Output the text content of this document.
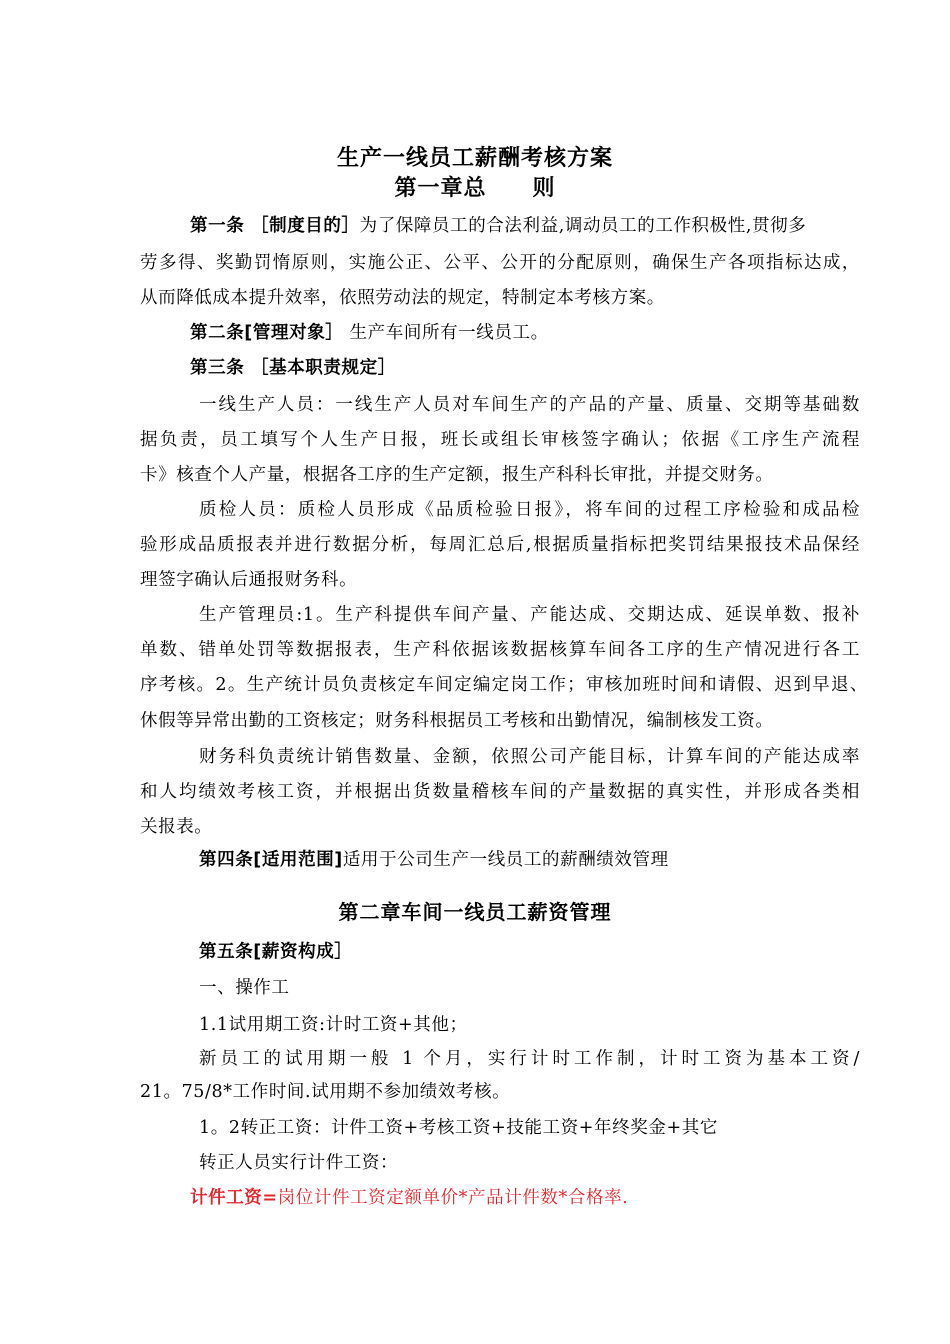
生产一线员工薪酬考核方案
第一章总　　则
第一条 ［制度目的］为了保障员工的合法利益,调动员工的工作积极性,贯彻多
劳多得、奖勤罚惰原则，实施公正、公平、公开的分配原则，确保生产各项指标达成，
从而降低成本提升效率，依照劳动法的规定，特制定本考核方案。
第二条[管理对象］ 生产车间所有一线员工。
第三条 ［基本职责规定］
一线生产人员：一线生产人员对车间生产的产品的产量、质量、交期等基础数
据负责，员工填写个人生产日报，班长或组长审核签字确认；依据《工序生产流程
卡》核查个人产量，根据各工序的生产定额，报生产科科长审批，并提交财务。
质检人员：质检人员形成《品质检验日报》，将车间的过程工序检验和成品检
验形成品质报表并进行数据分析，每周汇总后,根据质量指标把奖罚结果报技术品保经
理签字确认后通报财务科。
生产管理员:1。生产科提供车间产量、产能达成、交期达成、延误单数、报补
单数、错单处罚等数据报表，生产科依据该数据核算车间各工序的生产情况进行各工
序考核。2。生产统计员负责核定车间定编定岗工作；审核加班时间和请假、迟到早退、
休假等异常出勤的工资核定；财务科根据员工考核和出勤情况，编制核发工资。
财务科负责统计销售数量、金额，依照公司产能目标，计算车间的产能达成率
和人均绩效考核工资，并根据出货数量稽核车间的产量数据的真实性，并形成各类相
关报表。
第四条[适用范围]适用于公司生产一线员工的薪酬绩效管理
第二章车间一线员工薪资管理
第五条[薪资构成］
一、操作工
1.1试用期工资:计时工资+其他；
新员工的试用期一般 1 个月，实行计时工作制，计时工资为基本工资/
21。75/8*工作时间.试用期不参加绩效考核。
1。2转正工资：计件工资+考核工资+技能工资+年终奖金+其它
转正人员实行计件工资：
计件工资=岗位计件工资定额单价*产品计件数*合格率.
